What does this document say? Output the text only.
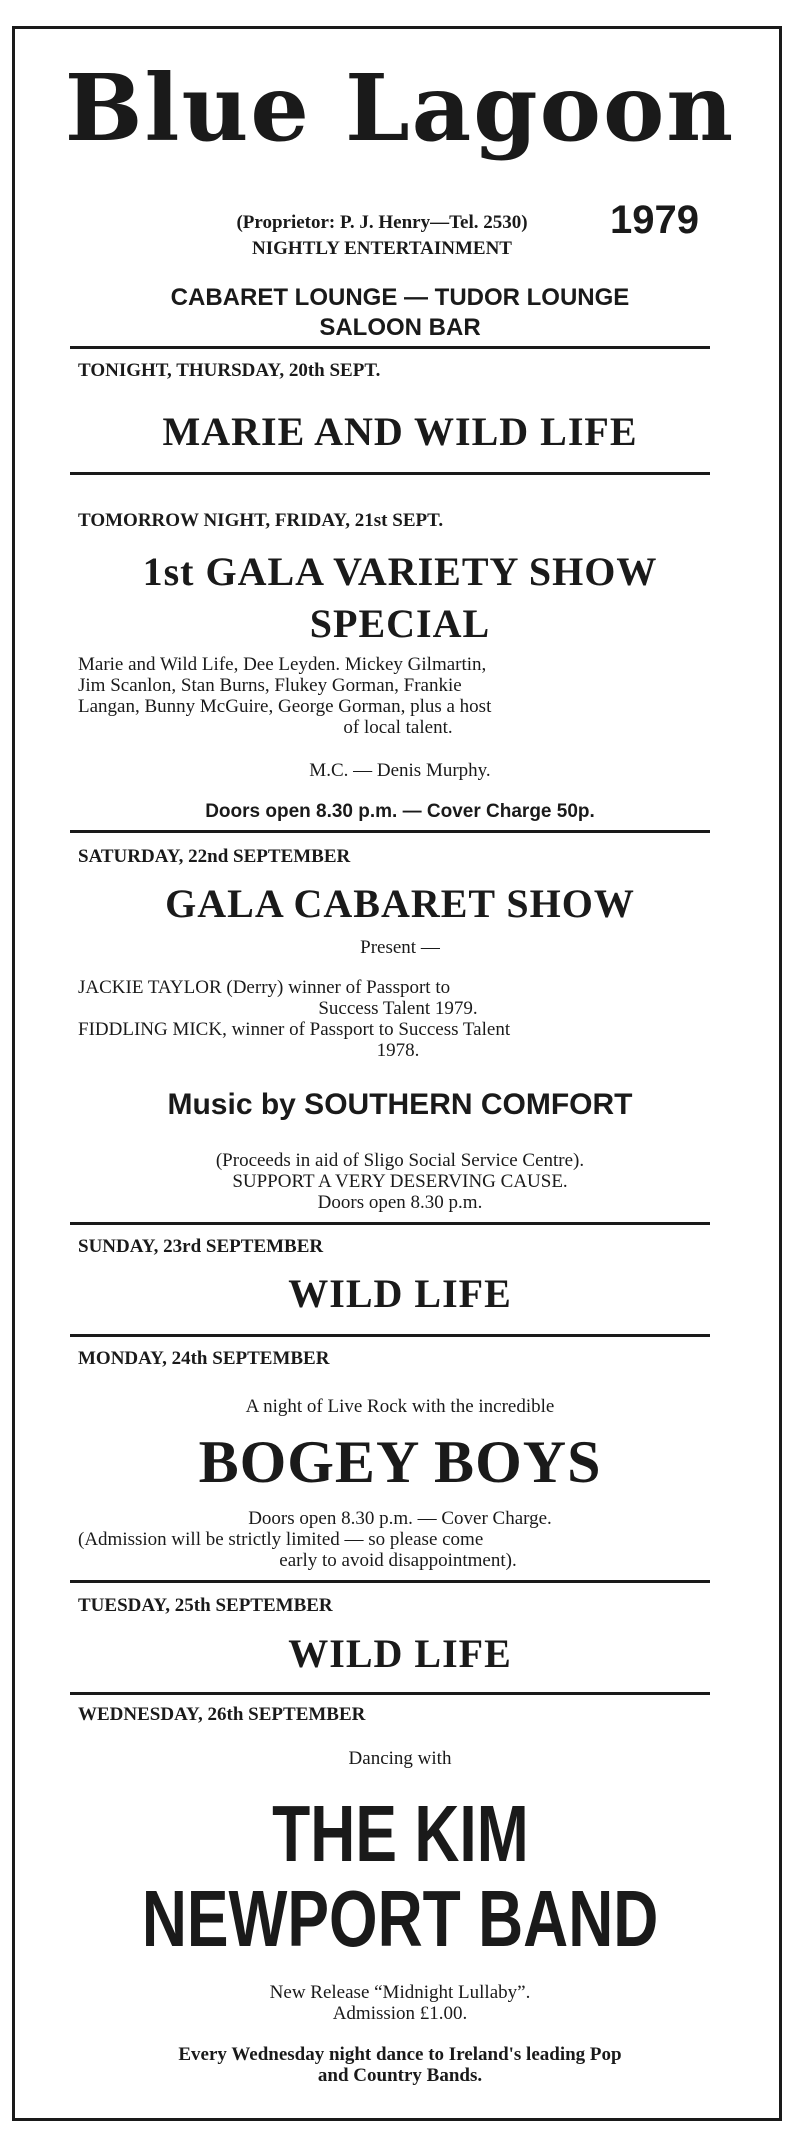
Blue Lagoon
1979
(Proprietor: P. J. Henry—Tel. 2530)
NIGHTLY ENTERTAINMENT
CABARET LOUNGE — TUDOR LOUNGE
SALOON BAR
TONIGHT, THURSDAY, 20th SEPT.
MARIE AND WILD LIFE
TOMORROW NIGHT, FRIDAY, 21st SEPT.
1st GALA VARIETY SHOW
SPECIAL
Marie and Wild Life, Dee Leyden. Mickey Gilmartin,
Jim Scanlon, Stan Burns, Flukey Gorman, Frankie
Langan, Bunny McGuire, George Gorman, plus a host
of local talent.
M.C. — Denis Murphy.
Doors open 8.30 p.m. — Cover Charge 50p.
SATURDAY, 22nd SEPTEMBER
GALA CABARET SHOW
Present —
JACKIE TAYLOR (Derry) winner of Passport to
Success Talent 1979.
FIDDLING MICK, winner of Passport to Success Talent
1978.
Music by SOUTHERN COMFORT
(Proceeds in aid of Sligo Social Service Centre).
SUPPORT A VERY DESERVING CAUSE.
Doors open 8.30 p.m.
SUNDAY, 23rd SEPTEMBER
WILD LIFE
MONDAY, 24th SEPTEMBER
A night of Live Rock with the incredible
BOGEY BOYS
Doors open 8.30 p.m. — Cover Charge.
(Admission will be strictly limited — so please come
early to avoid disappointment).
TUESDAY, 25th SEPTEMBER
WILD LIFE
WEDNESDAY, 26th SEPTEMBER
Dancing with
THE KIM
NEWPORT BAND
New Release “Midnight Lullaby”.
Admission £1.00.
Every Wednesday night dance to Ireland's leading Pop
and Country Bands.
